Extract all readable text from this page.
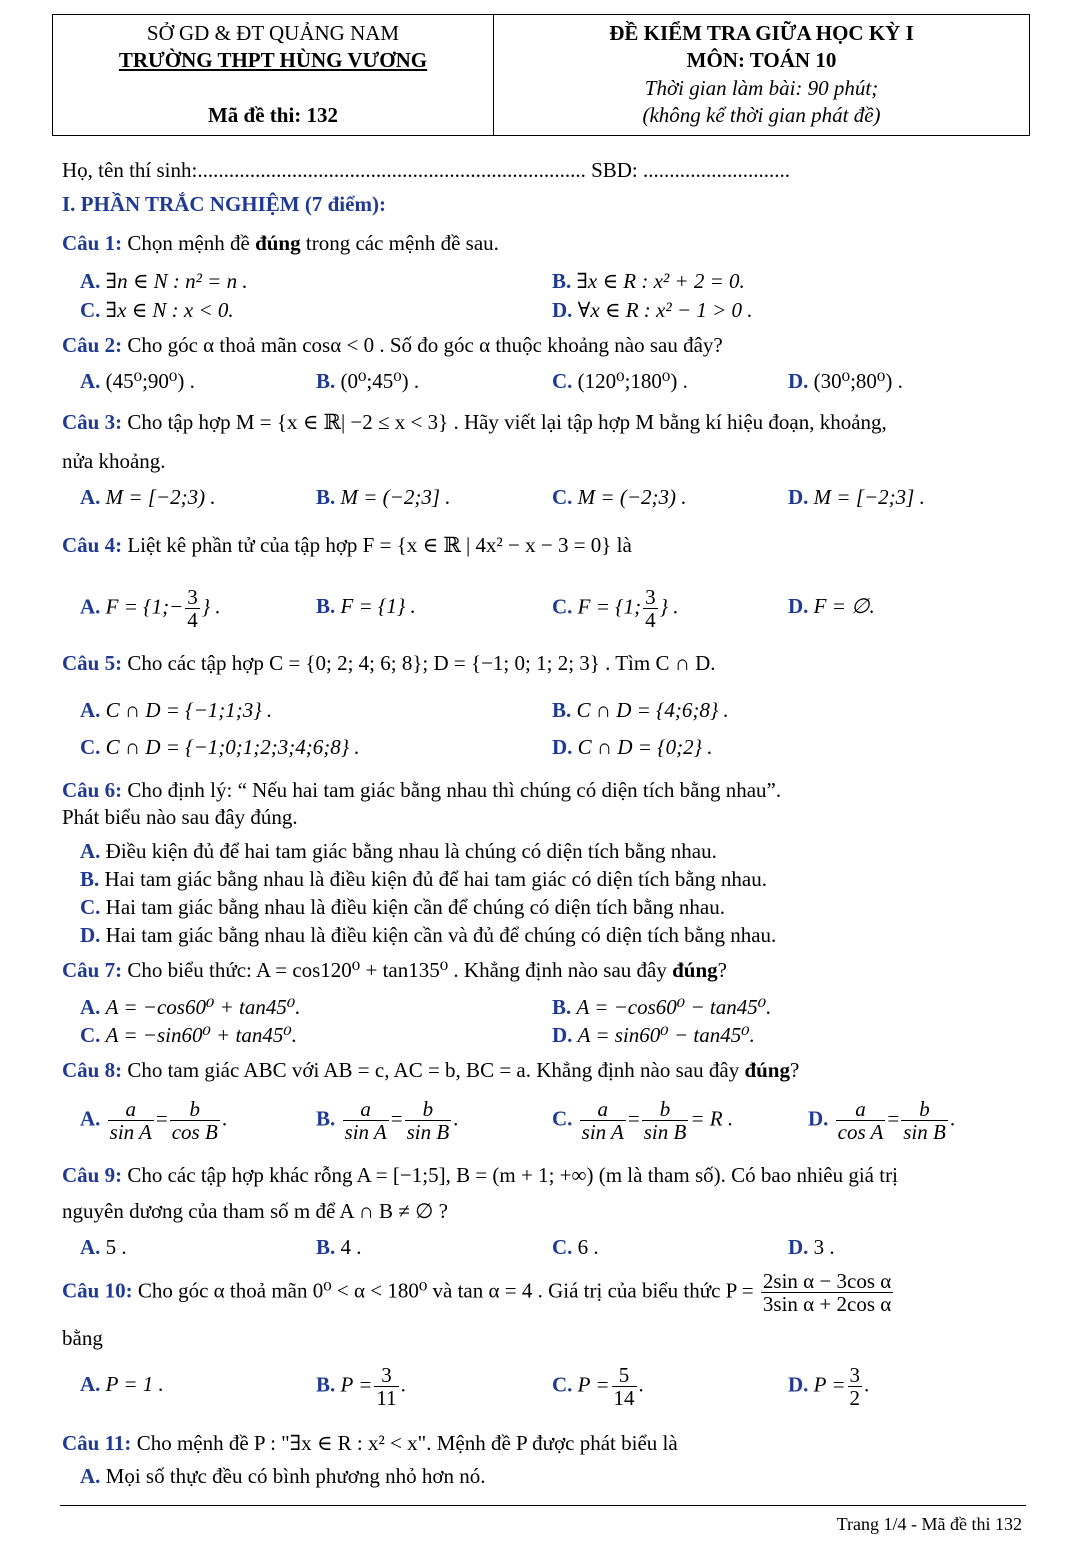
SỞ GD & ĐT QUẢNG NAM
TRƯỜNG THPT HÙNG VƯƠNG
Mã đề thi: 132
ĐỀ KIỂM TRA GIỮA HỌC KỲ I
MÔN: TOÁN 10
Thời gian làm bài: 90 phút;
(không kể thời gian phát đề)
Họ, tên thí sinh:.......................................................................... SBD: ............................
I. PHẦN TRẮC NGHIỆM (7 điểm):
Câu 1: Chọn mệnh đề đúng trong các mệnh đề sau.
A. ∃n ∈ N : n² = n .	B. ∃x ∈ R : x² + 2 = 0.
C. ∃x ∈ N : x < 0.	D. ∀x ∈ R : x² − 1 > 0 .
Câu 2: Cho góc α thoả mãn cosα < 0 . Số đo góc α thuộc khoảng nào sau đây?
A. (45⁰;90⁰) .	B. (0⁰;45⁰) .	C. (120⁰;180⁰) .	D. (30⁰;80⁰) .
Câu 3: Cho tập hợp M = {x ∈ ℝ| −2 ≤ x < 3} . Hãy viết lại tập hợp M bằng kí hiệu đoạn, khoảng,
nửa khoảng.
A. M = [−2;3) .	B. M = (−2;3] .	C. M = (−2;3) .	D. M = [−2;3] .
Câu 4: Liệt kê phần tử của tập hợp F = {x ∈ ℝ | 4x² − x − 3 = 0} là
A. F = {1;− $\frac{3}{4}$ } .	B. F = {1} .	C. F = {1; $\frac{3}{4}$ } .	D. F = ∅.
Câu 5: Cho các tập hợp C = {0; 2; 4; 6; 8}; D = {−1; 0; 1; 2; 3} . Tìm C ∩ D.
A. C ∩ D = {−1;1;3} .	B. C ∩ D = {4;6;8} .
C. C ∩ D = {−1;0;1;2;3;4;6;8} .	D. C ∩ D = {0;2} .
Câu 6: Cho định lý: “ Nếu hai tam giác bằng nhau thì chúng có diện tích bằng nhau”.
Phát biểu nào sau đây đúng.
A. Điều kiện đủ để hai tam giác bằng nhau là chúng có diện tích bằng nhau.
B. Hai tam giác bằng nhau là điều kiện đủ để hai tam giác có diện tích bằng nhau.
C. Hai tam giác bằng nhau là điều kiện cần để chúng có diện tích bằng nhau.
D. Hai tam giác bằng nhau là điều kiện cần và đủ để chúng có diện tích bằng nhau.
Câu 7: Cho biểu thức: A = cos120⁰ + tan135⁰ . Khẳng định nào sau đây đúng?
A. A = −cos60⁰ + tan45⁰.	B. A = −cos60⁰ − tan45⁰.
C. A = −sin60⁰ + tan45⁰.	D. A = sin60⁰ − tan45⁰.
Câu 8: Cho tam giác ABC với AB = c, AC = b, BC = a. Khẳng định nào sau đây đúng?
A. $\frac{a}{\text{sin A}} = \frac{b}{\text{cos B}}$ .	B. $\frac{a}{\text{sin A}} = \frac{b}{\text{sin B}}$ .	C. $\frac{a}{\text{sin A}} = \frac{b}{\text{sin B}} = R$ .	D. $\frac{a}{\text{cos A}} = \frac{b}{\text{sin B}}$ .
Câu 9: Cho các tập hợp khác rỗng A = [−1;5], B = (m + 1; +∞) (m là tham số). Có bao nhiêu giá trị
nguyên dương của tham số m để A ∩ B ≠ ∅ ?
A. 5 .	B. 4 .	C. 6 .	D. 3 .
Câu 10: Cho góc α thoả mãn 0⁰ < α < 180⁰ và tan α = 4 . Giá trị của biểu thức $P = \frac{\text{2sin α − 3cos α}}{\text{3sin α + 2cos α}}$
bằng
A. P = 1 .	B. $P = \frac{3}{11}$ .	C. $P = \frac{5}{14}$ .	D. $P = \frac{3}{2}$ .
Câu 11: Cho mệnh đề P : "∃x ∈ R : x² < x". Mệnh đề P được phát biểu là
A. Mọi số thực đều có bình phương nhỏ hơn nó.
Trang 1/4 - Mã đề thi 132
